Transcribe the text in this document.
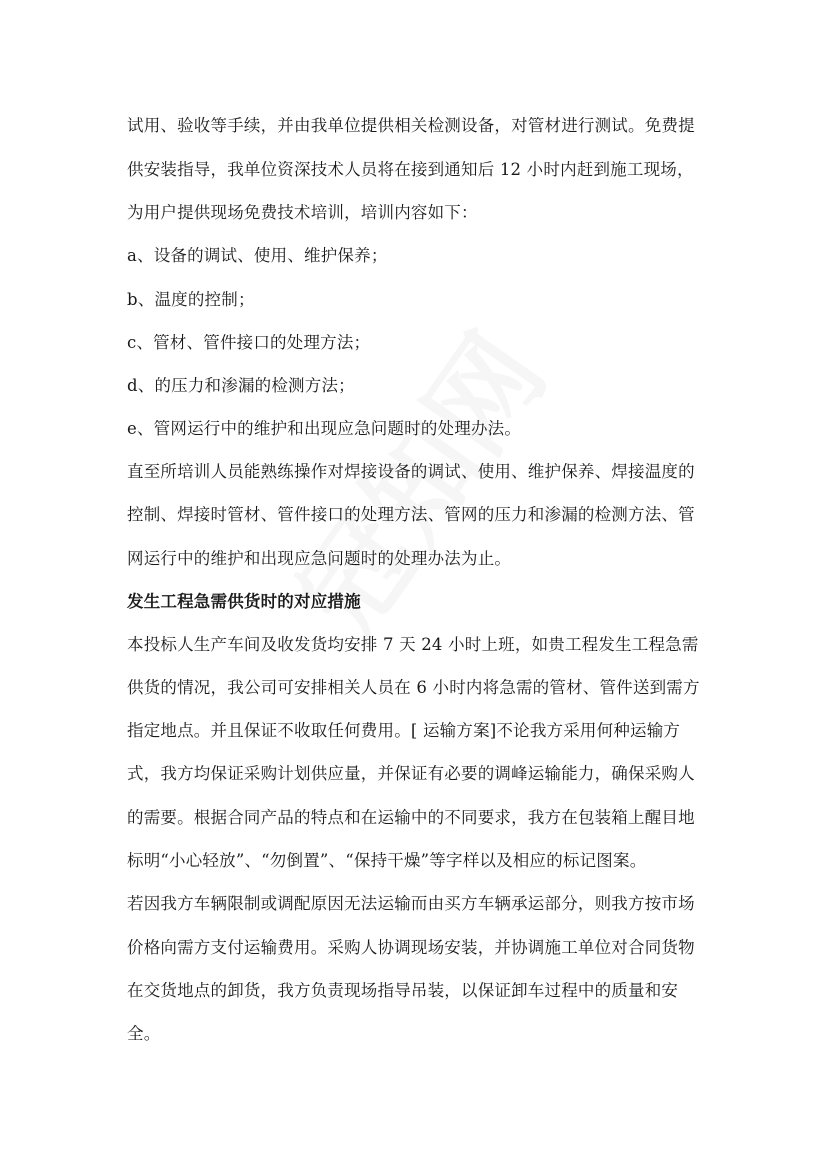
试用、验收等手续，并由我单位提供相关检测设备，对管材进行测试。免费提
供安装指导，我单位资深技术人员将在接到通知后 12 小时内赶到施工现场，
为用户提供现场免费技术培训，培训内容如下：
a、设备的调试、使用、维护保养；
b、温度的控制；
c、管材、管件接口的处理方法；
d、的压力和渗漏的检测方法；
e、管网运行中的维护和出现应急问题时的处理办法。
直至所培训人员能熟练操作对焊接设备的调试、使用、维护保养、焊接温度的
控制、焊接时管材、管件接口的处理方法、管网的压力和渗漏的检测方法、管
网运行中的维护和出现应急问题时的处理办法为止。
发生工程急需供货时的对应措施
本投标人生产车间及收发货均安排 7 天 24 小时上班，如贵工程发生工程急需
供货的情况，我公司可安排相关人员在 6 小时内将急需的管材、管件送到需方
指定地点。并且保证不收取任何费用。[ 运输方案]不论我方采用何种运输方
式，我方均保证采购计划供应量，并保证有必要的调峰运输能力，确保采购人
的需要。根据合同产品的特点和在运输中的不同要求，我方在包装箱上醒目地
标明“小心轻放”、“勿倒置”、“保持干燥”等字样以及相应的标记图案。
若因我方车辆限制或调配原因无法运输而由买方车辆承运部分，则我方按市场
价格向需方支付运输费用。采购人协调现场安装，并协调施工单位对合同货物
在交货地点的卸货，我方负责现场指导吊装，以保证卸车过程中的质量和安
全。
